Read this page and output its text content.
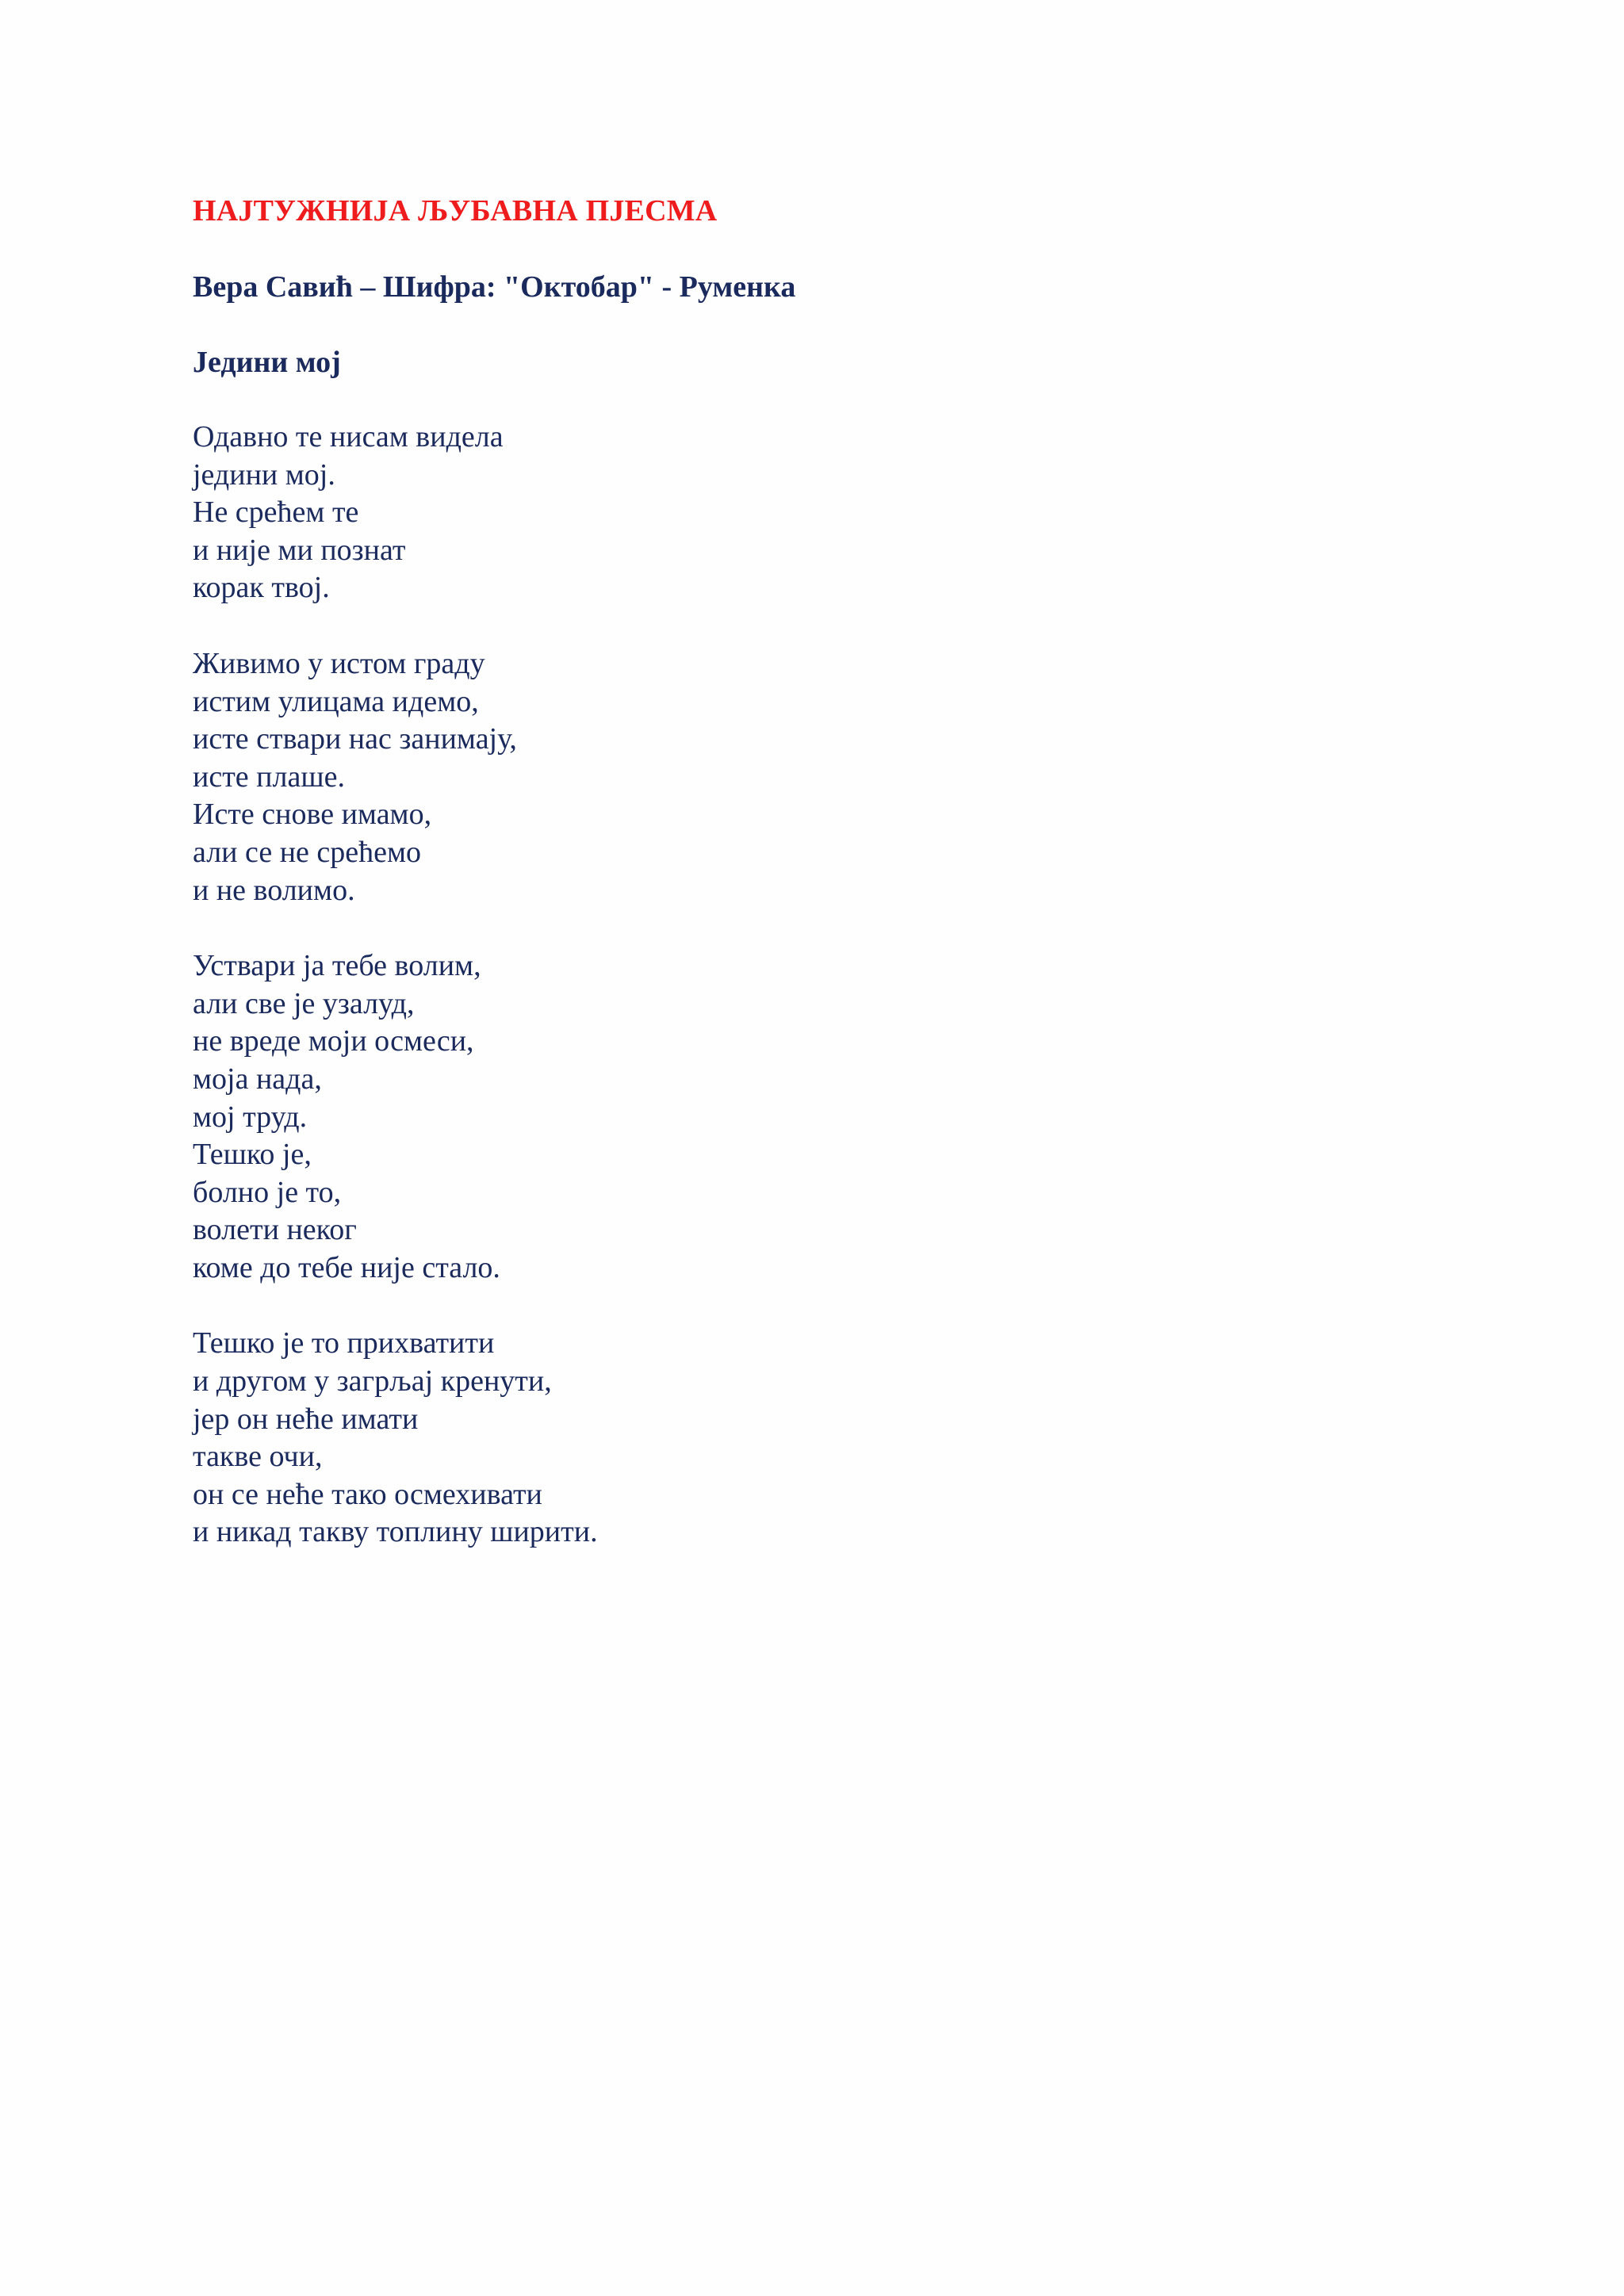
НАЈТУЖНИЈА ЉУБАВНА ПЈЕСМА

Вера Савић – Шифра: "Октобар" - Руменка

Једини мој

Одавно те нисам видела
једини мој.
Не срећем те
и није ми познат
корак твој.
Живимо у истом граду
истим улицама идемо,
исте ствари нас занимају,
исте плаше.
Исте снове имамо,
али се не срећемо
и не волимо.
Уствари ја тебе волим,
али све је узалуд,
не вреде моји осмеси,
моја нада,
мој труд.
Тешко је,
болно је то,
волети неког
коме до тебе није стало.
Тешко је то прихватити
и другом у загрљај кренути,
јер он неће имати
такве очи,
он се неће тако осмехивати
и никад такву топлину ширити.
